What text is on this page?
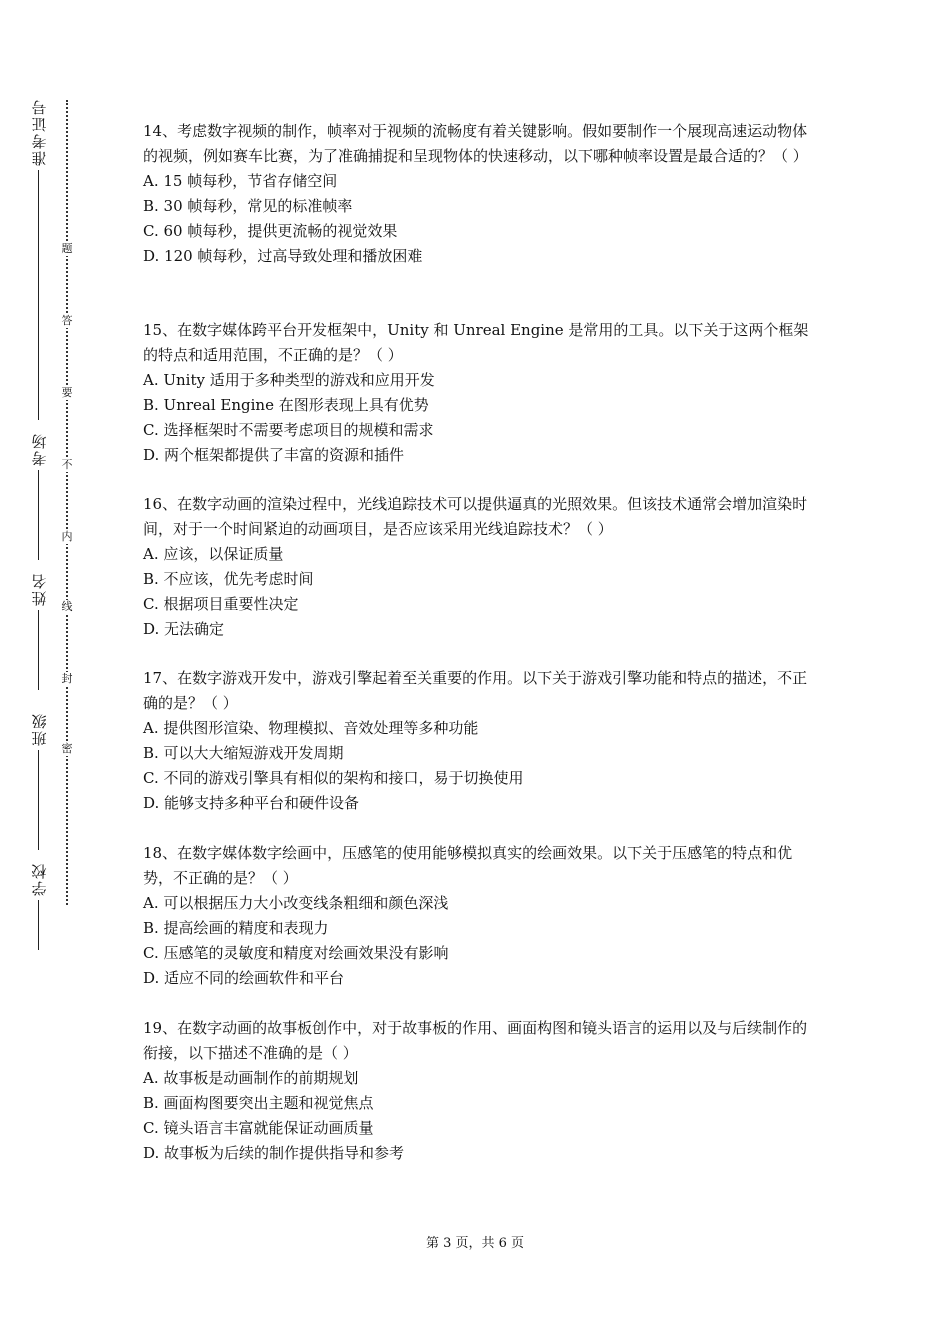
学校
班级
姓名
考场
准考证号
密
封
线
内
不
要
答
题

14、考虑数字视频的制作，帧率对于视频的流畅度有着关键影响。假如要制作一个展现高速运动物体的视频，例如赛车比赛，为了准确捕捉和呈现物体的快速移动，以下哪种帧率设置是最合适的？（ ）

A. 15 帧每秒，节省存储空间

B. 30 帧每秒，常见的标准帧率

C. 60 帧每秒，提供更流畅的视觉效果

D. 120 帧每秒，过高导致处理和播放困难

15、在数字媒体跨平台开发框架中，Unity 和 Unreal Engine 是常用的工具。以下关于这两个框架的特点和适用范围，不正确的是？（ ）

A. Unity 适用于多种类型的游戏和应用开发

B. Unreal Engine 在图形表现上具有优势

C. 选择框架时不需要考虑项目的规模和需求

D. 两个框架都提供了丰富的资源和插件

16、在数字动画的渲染过程中，光线追踪技术可以提供逼真的光照效果。但该技术通常会增加渲染时间，对于一个时间紧迫的动画项目，是否应该采用光线追踪技术？（ ）

A. 应该，以保证质量

B. 不应该，优先考虑时间

C. 根据项目重要性决定

D. 无法确定

17、在数字游戏开发中，游戏引擎起着至关重要的作用。以下关于游戏引擎功能和特点的描述，不正确的是？（ ）

A. 提供图形渲染、物理模拟、音效处理等多种功能

B. 可以大大缩短游戏开发周期

C. 不同的游戏引擎具有相似的架构和接口，易于切换使用

D. 能够支持多种平台和硬件设备

18、在数字媒体数字绘画中，压感笔的使用能够模拟真实的绘画效果。以下关于压感笔的特点和优势，不正确的是？（ ）

A. 可以根据压力大小改变线条粗细和颜色深浅

B. 提高绘画的精度和表现力

C. 压感笔的灵敏度和精度对绘画效果没有影响

D. 适应不同的绘画软件和平台

19、在数字动画的故事板创作中，对于故事板的作用、画面构图和镜头语言的运用以及与后续制作的衔接，以下描述不准确的是（ ）

A. 故事板是动画制作的前期规划

B. 画面构图要突出主题和视觉焦点

C. 镜头语言丰富就能保证动画质量

D. 故事板为后续的制作提供指导和参考

第 3 页，共 6 页
